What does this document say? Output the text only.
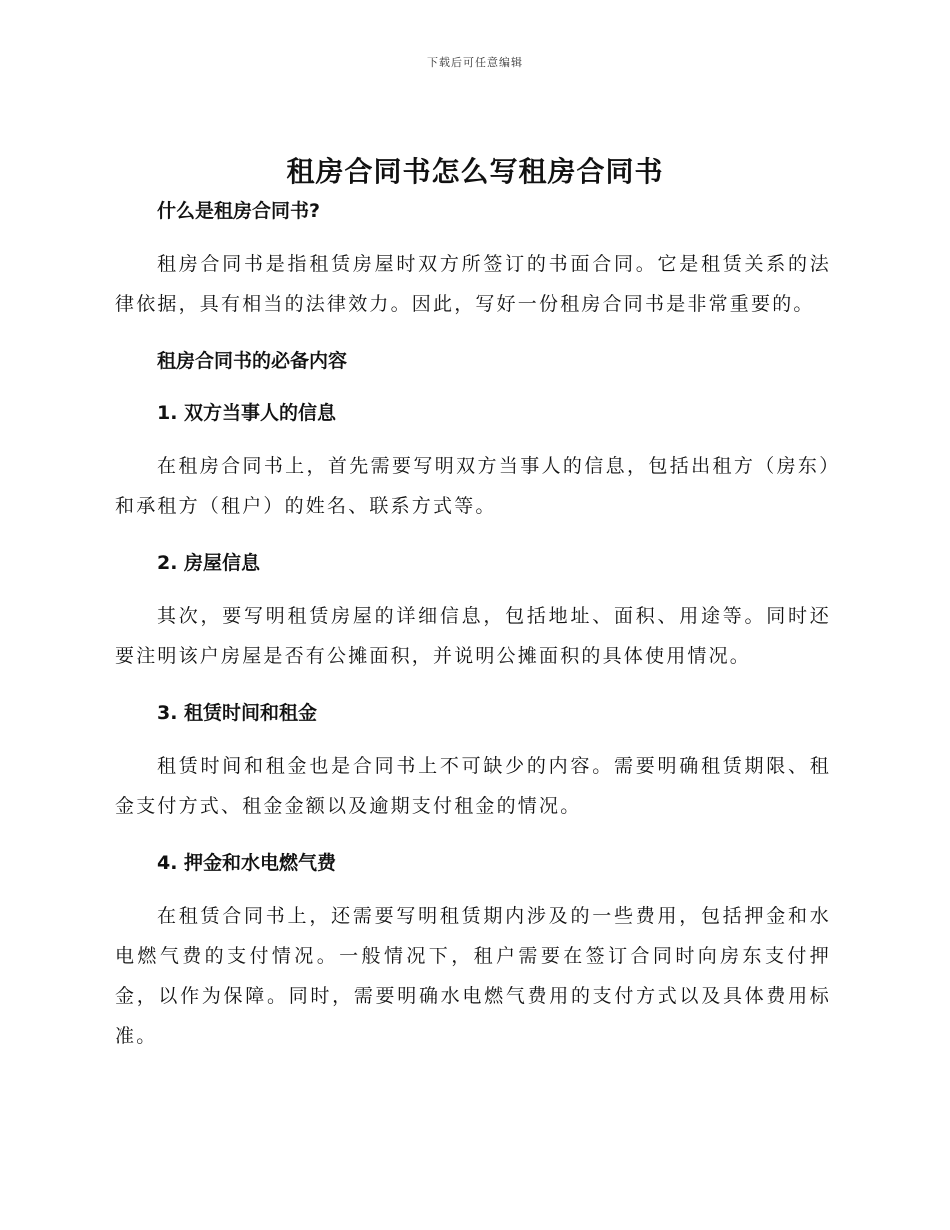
下载后可任意编辑
租房合同书怎么写租房合同书

什么是租房合同书?

租房合同书是指租赁房屋时双方所签订的书面合同。它是租赁关系的法律依据，具有相当的法律效力。因此，写好一份租房合同书是非常重要的。

租房合同书的必备内容

1. 双方当事人的信息

在租房合同书上，首先需要写明双方当事人的信息，包括出租方（房东）和承租方（租户）的姓名、联系方式等。

2. 房屋信息

其次，要写明租赁房屋的详细信息，包括地址、面积、用途等。同时还要注明该户房屋是否有公摊面积，并说明公摊面积的具体使用情况。

3. 租赁时间和租金

租赁时间和租金也是合同书上不可缺少的内容。需要明确租赁期限、租金支付方式、租金金额以及逾期支付租金的情况。

4. 押金和水电燃气费

在租赁合同书上，还需要写明租赁期内涉及的一些费用，包括押金和水电燃气费的支付情况。一般情况下，租户需要在签订合同时向房东支付押金，以作为保障。同时，需要明确水电燃气费用的支付方式以及具体费用标准。
